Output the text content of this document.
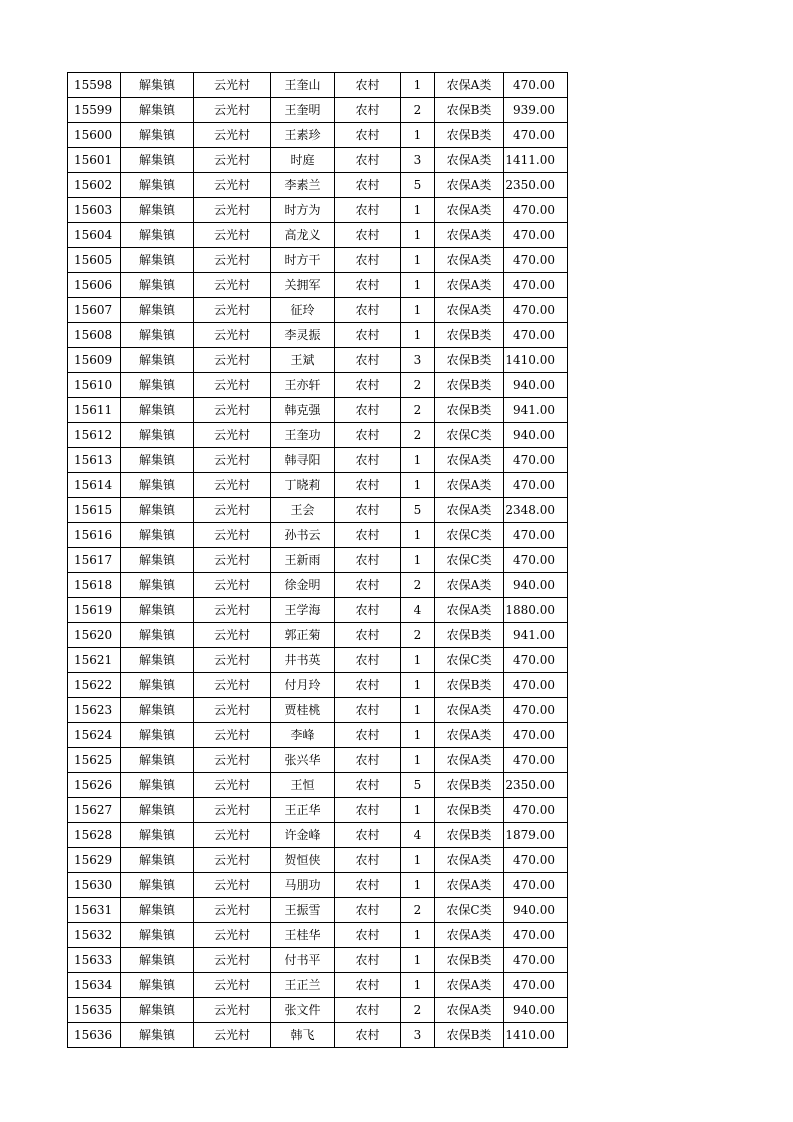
15598	解集镇	云光村	王奎山	农村	1	农保A类	470.00
15599	解集镇	云光村	王奎明	农村	2	农保B类	939.00
15600	解集镇	云光村	王素珍	农村	1	农保B类	470.00
15601	解集镇	云光村	时庭	农村	3	农保A类	1411.00
15602	解集镇	云光村	李素兰	农村	5	农保A类	2350.00
15603	解集镇	云光村	时方为	农村	1	农保A类	470.00
15604	解集镇	云光村	高龙义	农村	1	农保A类	470.00
15605	解集镇	云光村	时方干	农村	1	农保A类	470.00
15606	解集镇	云光村	关拥军	农村	1	农保A类	470.00
15607	解集镇	云光村	征玲	农村	1	农保A类	470.00
15608	解集镇	云光村	李灵振	农村	1	农保B类	470.00
15609	解集镇	云光村	王斌	农村	3	农保B类	1410.00
15610	解集镇	云光村	王亦轩	农村	2	农保B类	940.00
15611	解集镇	云光村	韩克强	农村	2	农保B类	941.00
15612	解集镇	云光村	王奎功	农村	2	农保C类	940.00
15613	解集镇	云光村	韩寻阳	农村	1	农保A类	470.00
15614	解集镇	云光村	丁晓莉	农村	1	农保A类	470.00
15615	解集镇	云光村	王会	农村	5	农保A类	2348.00
15616	解集镇	云光村	孙书云	农村	1	农保C类	470.00
15617	解集镇	云光村	王新雨	农村	1	农保C类	470.00
15618	解集镇	云光村	徐金明	农村	2	农保A类	940.00
15619	解集镇	云光村	王学海	农村	4	农保A类	1880.00
15620	解集镇	云光村	郭正菊	农村	2	农保B类	941.00
15621	解集镇	云光村	井书英	农村	1	农保C类	470.00
15622	解集镇	云光村	付月玲	农村	1	农保B类	470.00
15623	解集镇	云光村	贾桂桃	农村	1	农保A类	470.00
15624	解集镇	云光村	李峰	农村	1	农保A类	470.00
15625	解集镇	云光村	张兴华	农村	1	农保A类	470.00
15626	解集镇	云光村	王恒	农村	5	农保B类	2350.00
15627	解集镇	云光村	王正华	农村	1	农保B类	470.00
15628	解集镇	云光村	许金峰	农村	4	农保B类	1879.00
15629	解集镇	云光村	贺恒侠	农村	1	农保A类	470.00
15630	解集镇	云光村	马朋功	农村	1	农保A类	470.00
15631	解集镇	云光村	王振雪	农村	2	农保C类	940.00
15632	解集镇	云光村	王桂华	农村	1	农保A类	470.00
15633	解集镇	云光村	付书平	农村	1	农保B类	470.00
15634	解集镇	云光村	王正兰	农村	1	农保A类	470.00
15635	解集镇	云光村	张文件	农村	2	农保A类	940.00
15636	解集镇	云光村	韩飞	农村	3	农保B类	1410.00
